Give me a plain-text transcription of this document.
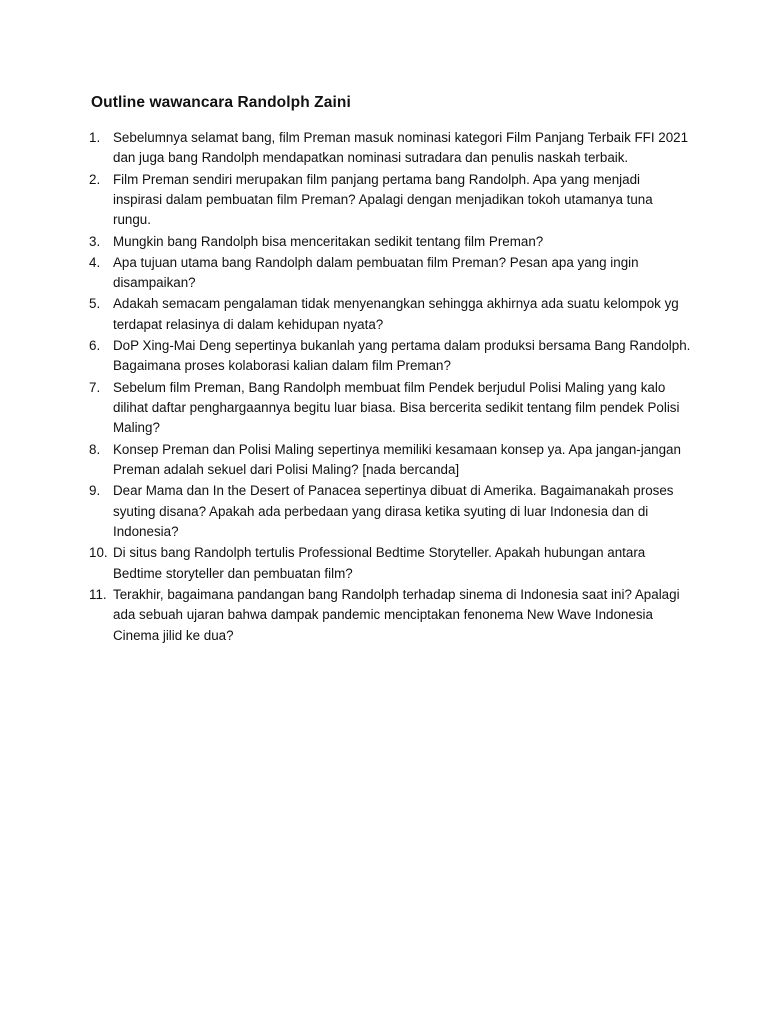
Outline wawancara Randolph Zaini
1. Sebelumnya selamat bang, film Preman masuk nominasi kategori Film Panjang Terbaik FFI 2021 dan juga bang Randolph mendapatkan nominasi sutradara dan penulis naskah terbaik.
2. Film Preman sendiri merupakan film panjang pertama bang Randolph. Apa yang menjadi inspirasi dalam pembuatan film Preman? Apalagi dengan menjadikan tokoh utamanya tuna rungu.
3. Mungkin bang Randolph bisa menceritakan sedikit tentang film Preman?
4. Apa tujuan utama bang Randolph dalam pembuatan film Preman? Pesan apa yang ingin disampaikan?
5. Adakah semacam pengalaman tidak menyenangkan sehingga akhirnya ada suatu kelompok yg terdapat relasinya di dalam kehidupan nyata?
6. DoP Xing-Mai Deng sepertinya bukanlah yang pertama dalam produksi bersama Bang Randolph. Bagaimana proses kolaborasi kalian dalam film Preman?
7. Sebelum film Preman, Bang Randolph membuat film Pendek berjudul Polisi Maling yang kalo dilihat daftar penghargaannya begitu luar biasa. Bisa bercerita sedikit tentang film pendek Polisi Maling?
8. Konsep Preman dan Polisi Maling sepertinya memiliki kesamaan konsep ya. Apa jangan-jangan Preman adalah sekuel dari Polisi Maling? [nada bercanda]
9. Dear Mama dan In the Desert of Panacea sepertinya dibuat di Amerika. Bagaimanakah proses syuting disana? Apakah ada perbedaan yang dirasa ketika syuting di luar Indonesia dan di Indonesia?
10. Di situs bang Randolph tertulis Professional Bedtime Storyteller. Apakah hubungan antara Bedtime storyteller dan pembuatan film?
11. Terakhir, bagaimana pandangan bang Randolph terhadap sinema di Indonesia saat ini? Apalagi ada sebuah ujaran bahwa dampak pandemic menciptakan fenonema New Wave Indonesia Cinema jilid ke dua?
